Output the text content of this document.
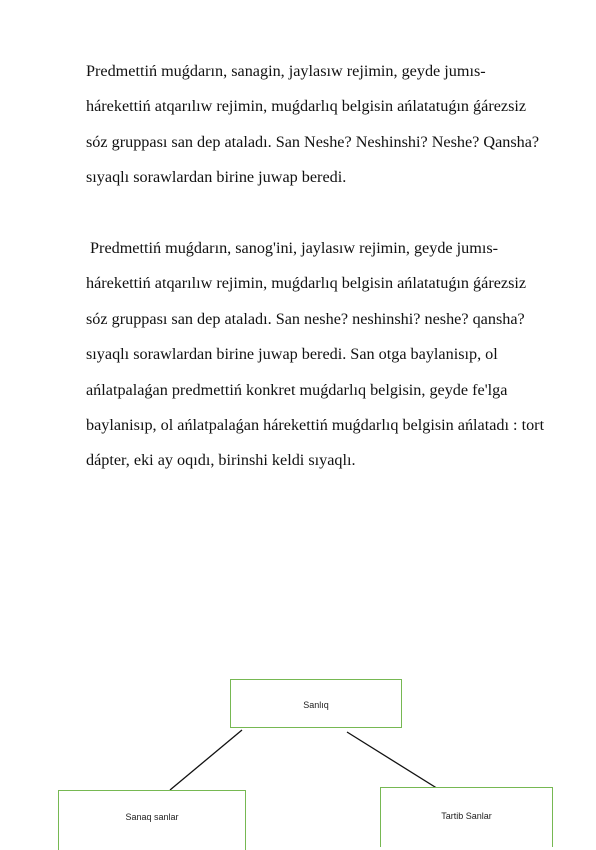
Predmettiń muǵdarın, sanagin, jaylasıw rejimin, geyde jumıs-hárekettiń atqarılıw rejimin, muǵdarlıq belgisin ańlatatuǵın ǵárezsiz sóz gruppası san dep ataladı. San Neshe? Neshinshi? Neshe? Qansha? sıyaqlı sorawlardan birine juwap beredi.

Predmettiń muǵdarın, sanog'ini, jaylasıw rejimin, geyde jumıs-hárekettiń atqarılıw rejimin, muǵdarlıq belgisin ańlatatuǵın ǵárezsiz sóz gruppası san dep ataladı. San neshe? neshinshi? neshe? qansha? sıyaqlı sorawlardan birine juwap beredi. San otga baylanisıp, ol ańlatpalaǵan predmettiń konkret muǵdarlıq belgisin, geyde fe'lga baylanisıp, ol ańlatpalaǵan hárekettiń muǵdarlıq belgisin ańlatadı : tort dápter, eki ay oqıdı, birinshi keldi sıyaqlı.

Sanlıq
Sanaq sanlar	Tartib Sanlar
